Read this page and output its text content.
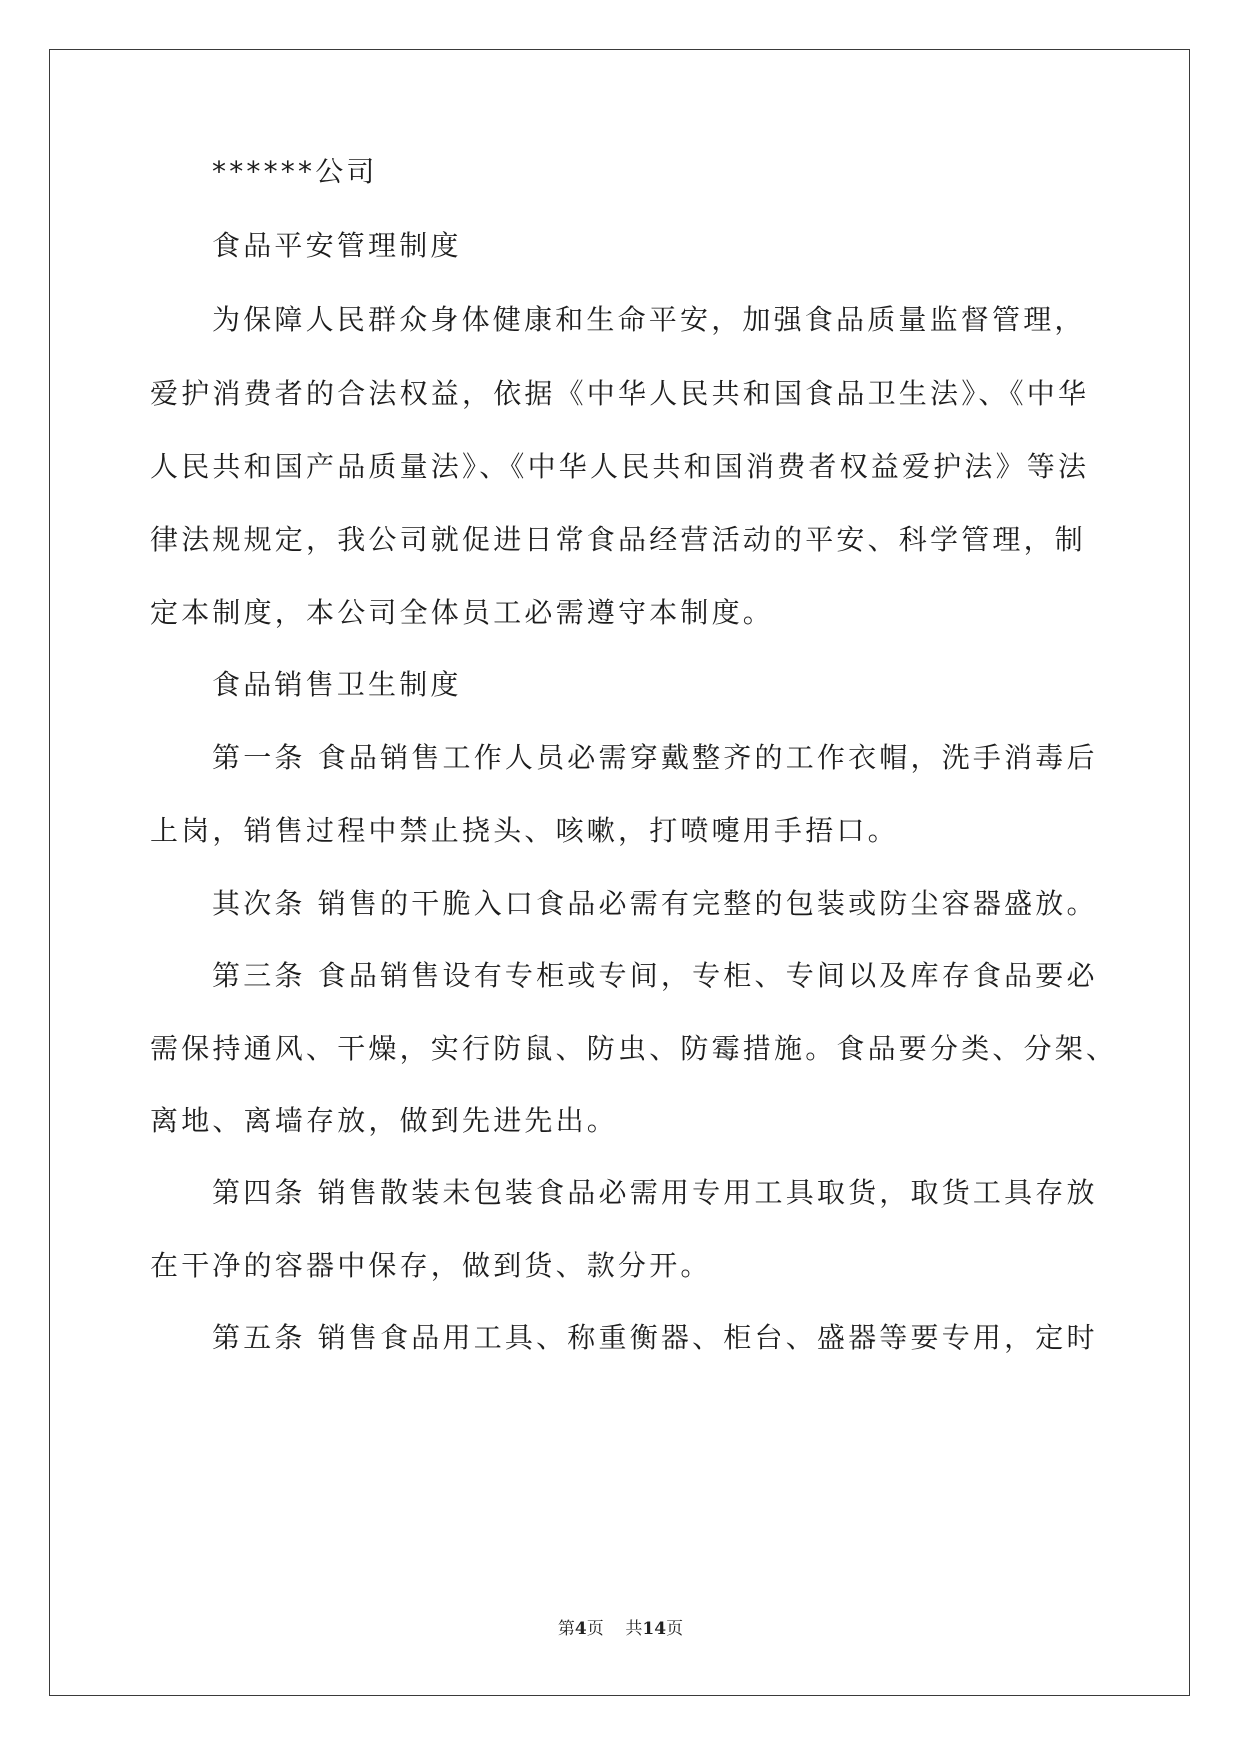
******公司
食品平安管理制度
为保障人民群众身体健康和生命平安，加强食品质量监督管理，
爱护消费者的合法权益，依据《中华人民共和国食品卫生法》、《中华
人民共和国产品质量法》、《中华人民共和国消费者权益爱护法》等法
律法规规定，我公司就促进日常食品经营活动的平安、科学管理，制
定本制度，本公司全体员工必需遵守本制度。
食品销售卫生制度
第一条 食品销售工作人员必需穿戴整齐的工作衣帽，洗手消毒后
上岗，销售过程中禁止挠头、咳嗽，打喷嚏用手捂口。
其次条 销售的干脆入口食品必需有完整的包装或防尘容器盛放。
第三条 食品销售设有专柜或专间，专柜、专间以及库存食品要必
需保持通风、干燥，实行防鼠、防虫、防霉措施。食品要分类、分架、
离地、离墙存放，做到先进先出。
第四条 销售散装未包装食品必需用专用工具取货，取货工具存放
在干净的容器中保存，做到货、款分开。
第五条 销售食品用工具、称重衡器、柜台、盛器等要专用，定时
第4页 共14页
